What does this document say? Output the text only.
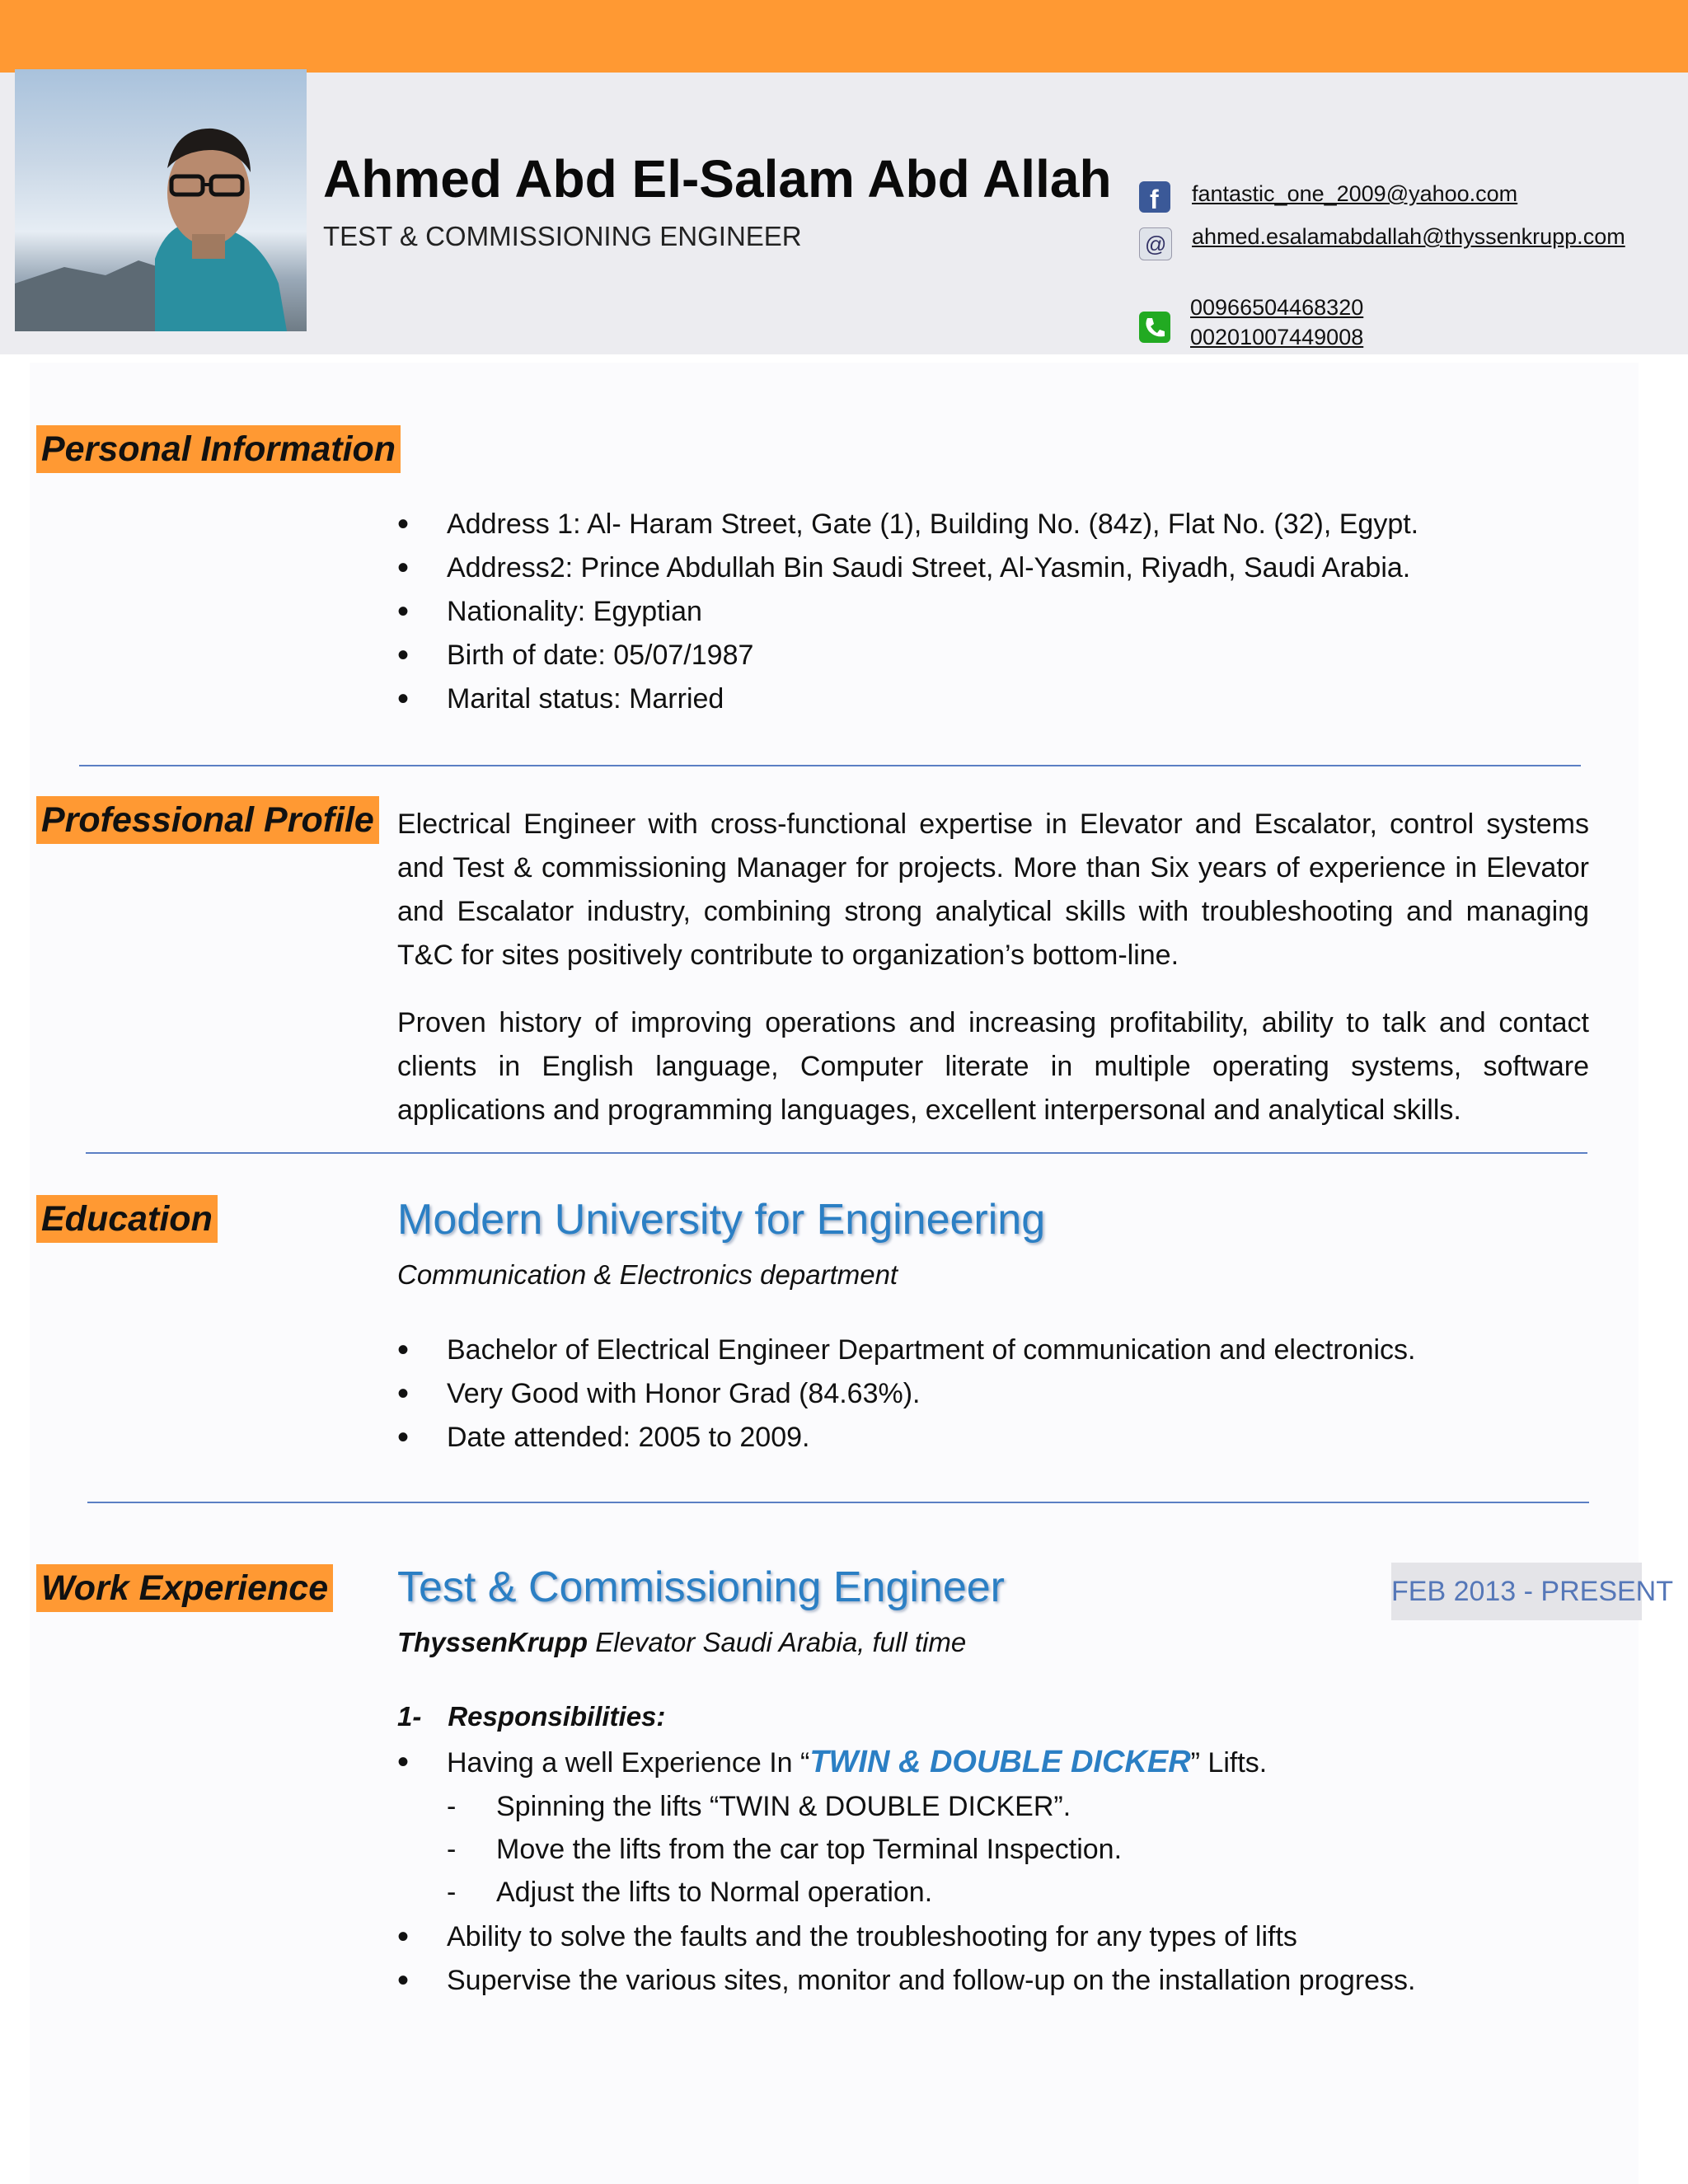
Ahmed Abd El-Salam Abd Allah
TEST & COMMISSIONING ENGINEER
f fantastic_one_2009@yahoo.com
@ ahmed.esalamabdallah@thyssenkrupp.com
00966504468320
00201007449008
Personal Information
• Address 1: Al- Haram Street, Gate (1), Building No. (84z), Flat No. (32), Egypt.
• Address2: Prince Abdullah Bin Saudi Street, Al-Yasmin, Riyadh, Saudi Arabia.
• Nationality: Egyptian
• Birth of date: 05/07/1987
• Marital status: Married
Professional Profile Electrical Engineer with cross-functional expertise in Elevator and Escalator, control systems and Test & commissioning Manager for projects. More than Six years of experience in Elevator and Escalator industry, combining strong analytical skills with troubleshooting and managing T&C for sites positively contribute to organization’s bottom-line.
Proven history of improving operations and increasing profitability, ability to talk and contact clients in English language, Computer literate in multiple operating systems, software applications and programming languages, excellent interpersonal and analytical skills.
Education	Modern University for Engineering
Communication & Electronics department
• Bachelor of Electrical Engineer Department of communication and electronics.
• Very Good with Honor Grad (84.63%).
• Date attended: 2005 to 2009.
Work Experience Test & Commissioning Engineer	FEB 2013 - PRESENT
ThyssenKrupp Elevator Saudi Arabia, full time
1- Responsibilities:
• Having a well Experience In “TWIN & DOUBLE DICKER” Lifts.
- Spinning the lifts “TWIN & DOUBLE DICKER”.
- Move the lifts from the car top Terminal Inspection.
- Adjust the lifts to Normal operation.
• Ability to solve the faults and the troubleshooting for any types of lifts
• Supervise the various sites, monitor and follow-up on the installation progress.
